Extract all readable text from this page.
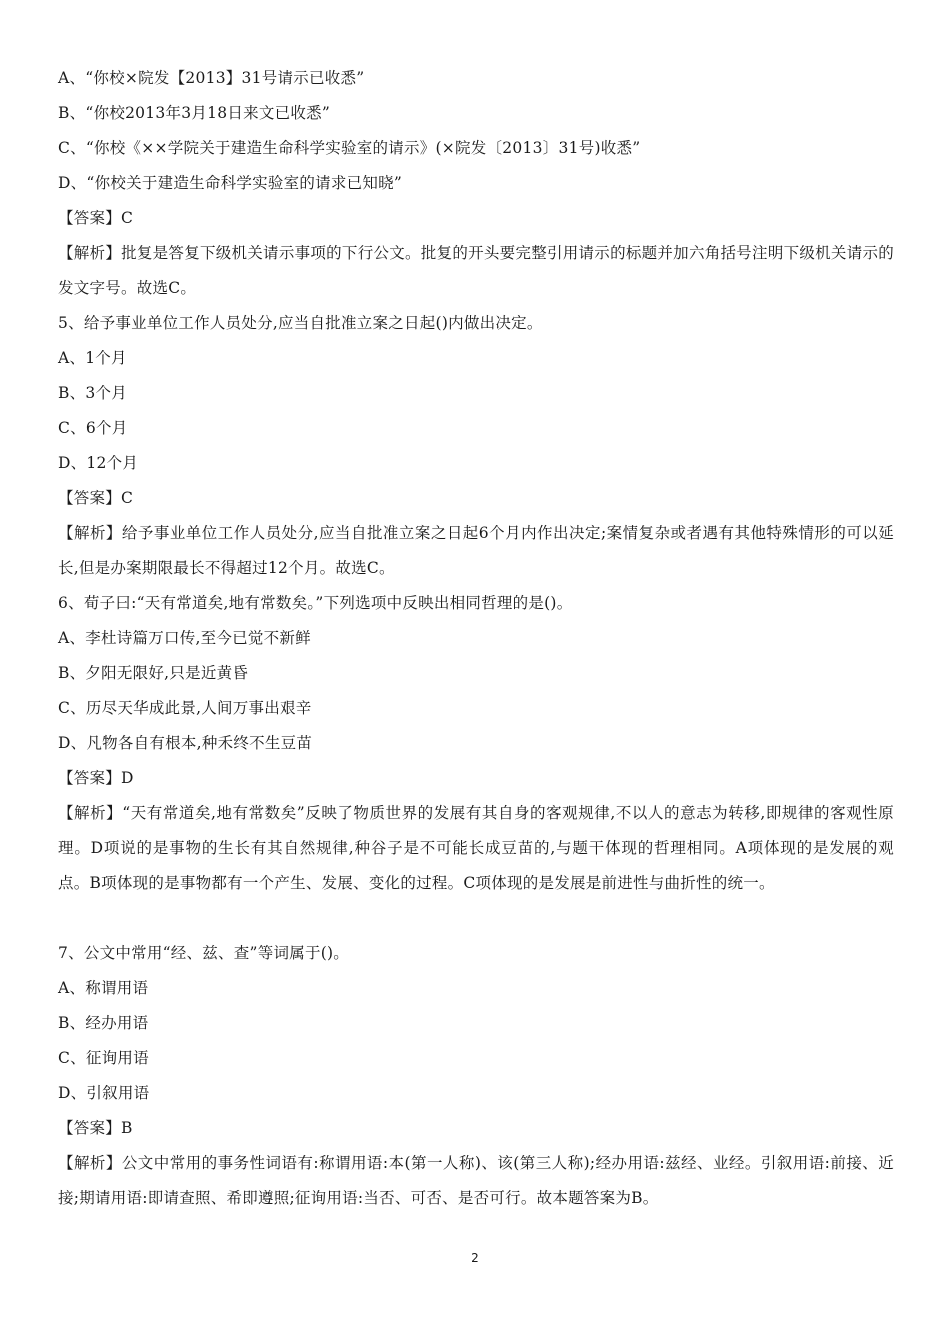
A、“你校×院发【2013】31号请示已收悉”
B、“你校2013年3月18日来文已收悉”
C、“你校《××学院关于建造生命科学实验室的请示》(×院发〔2013〕31号)收悉”
D、“你校关于建造生命科学实验室的请求已知晓”
【答案】C
【解析】批复是答复下级机关请示事项的下行公文。批复的开头要完整引用请示的标题并加六角括号注明下级机关请示的发文字号。故选C。
5、给予事业单位工作人员处分,应当自批准立案之日起()内做出决定。
A、1个月
B、3个月
C、6个月
D、12个月
【答案】C
【解析】给予事业单位工作人员处分,应当自批准立案之日起6个月内作出决定;案情复杂或者遇有其他特殊情形的可以延长,但是办案期限最长不得超过12个月。故选C。
6、荀子曰:“天有常道矣,地有常数矣。”下列选项中反映出相同哲理的是()。
A、李杜诗篇万口传,至今已觉不新鲜
B、夕阳无限好,只是近黄昏
C、历尽天华成此景,人间万事出艰辛
D、凡物各自有根本,种禾终不生豆苗
【答案】D
【解析】“天有常道矣,地有常数矣”反映了物质世界的发展有其自身的客观规律,不以人的意志为转移,即规律的客观性原理。D项说的是事物的生长有其自然规律,种谷子是不可能长成豆苗的,与题干体现的哲理相同。A项体现的是发展的观点。B项体现的是事物都有一个产生、发展、变化的过程。C项体现的是发展是前进性与曲折性的统一。
7、公文中常用“经、兹、查”等词属于()。
A、称谓用语
B、经办用语
C、征询用语
D、引叙用语
【答案】B
【解析】公文中常用的事务性词语有:称谓用语:本(第一人称)、该(第三人称);经办用语:兹经、业经。引叙用语:前接、近接;期请用语:即请查照、希即遵照;征询用语:当否、可否、是否可行。故本题答案为B。
2
